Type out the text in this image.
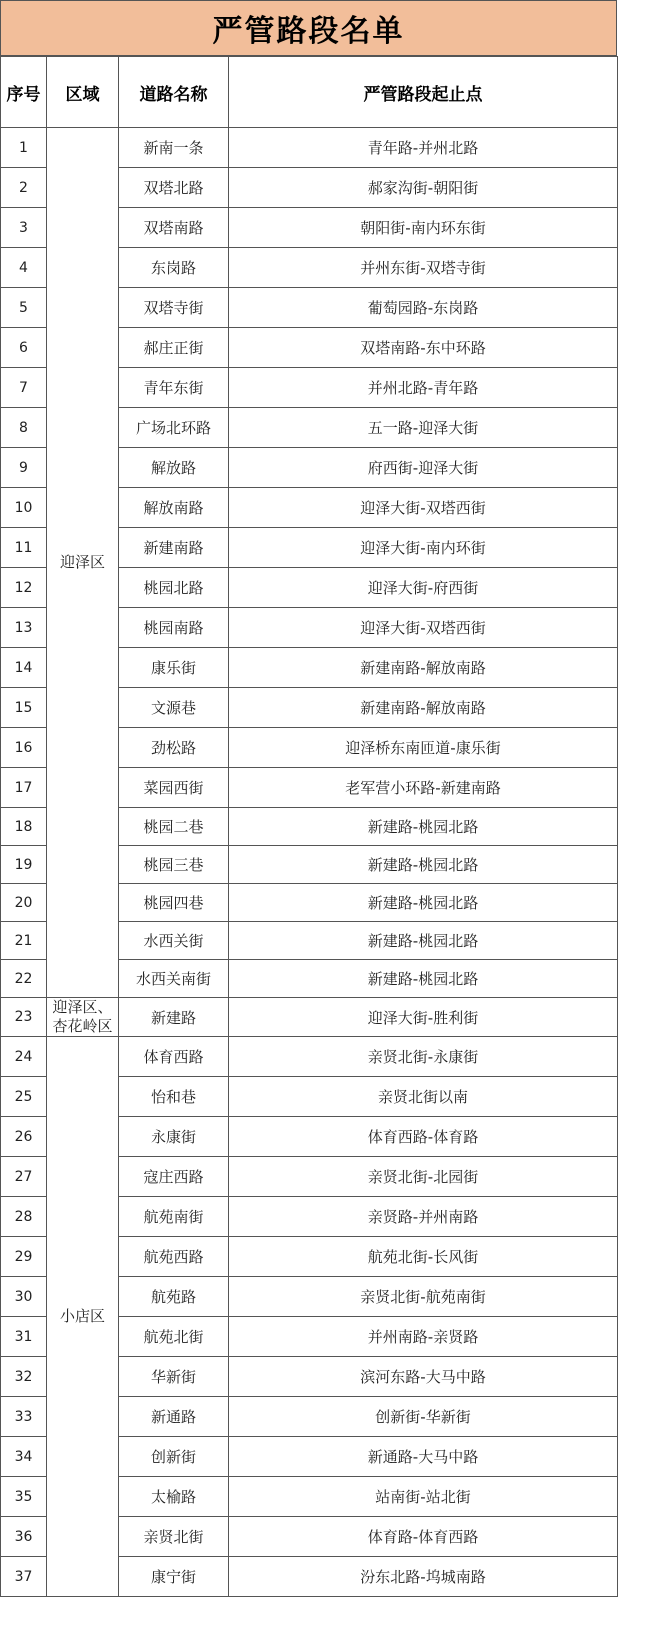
严管路段名单
序号	区域	道路名称	严管路段起止点
1	迎泽区	新南一条	青年路-并州北路
2		双塔北路	郝家沟街-朝阳街
3		双塔南路	朝阳街-南内环东街
4		东岗路	并州东街-双塔寺街
5		双塔寺街	葡萄园路-东岗路
6		郝庄正街	双塔南路-东中环路
7		青年东街	并州北路-青年路
8		广场北环路	五一路-迎泽大街
9		解放路	府西街-迎泽大街
10		解放南路	迎泽大街-双塔西街
11		新建南路	迎泽大街-南内环街
12		桃园北路	迎泽大街-府西街
13		桃园南路	迎泽大街-双塔西街
14		康乐街	新建南路-解放南路
15		文源巷	新建南路-解放南路
16		劲松路	迎泽桥东南匝道-康乐街
17		菜园西街	老军营小环路-新建南路
18		桃园二巷	新建路-桃园北路
19		桃园三巷	新建路-桃园北路
20		桃园四巷	新建路-桃园北路
21		水西关街	新建路-桃园北路
22		水西关南街	新建路-桃园北路
23	迎泽区、杏花岭区	新建路	迎泽大街-胜利街
24	小店区	体育西路	亲贤北街-永康街
25		怡和巷	亲贤北街以南
26		永康街	体育西路-体育路
27		寇庄西路	亲贤北街-北园街
28		航苑南街	亲贤路-并州南路
29		航苑西路	航苑北街-长风街
30		航苑路	亲贤北街-航苑南街
31		航苑北街	并州南路-亲贤路
32		华新街	滨河东路-大马中路
33		新通路	创新街-华新街
34		创新街	新通路-大马中路
35		太榆路	站南街-站北街
36		亲贤北街	体育路-体育西路
37		康宁街	汾东北路-坞城南路
